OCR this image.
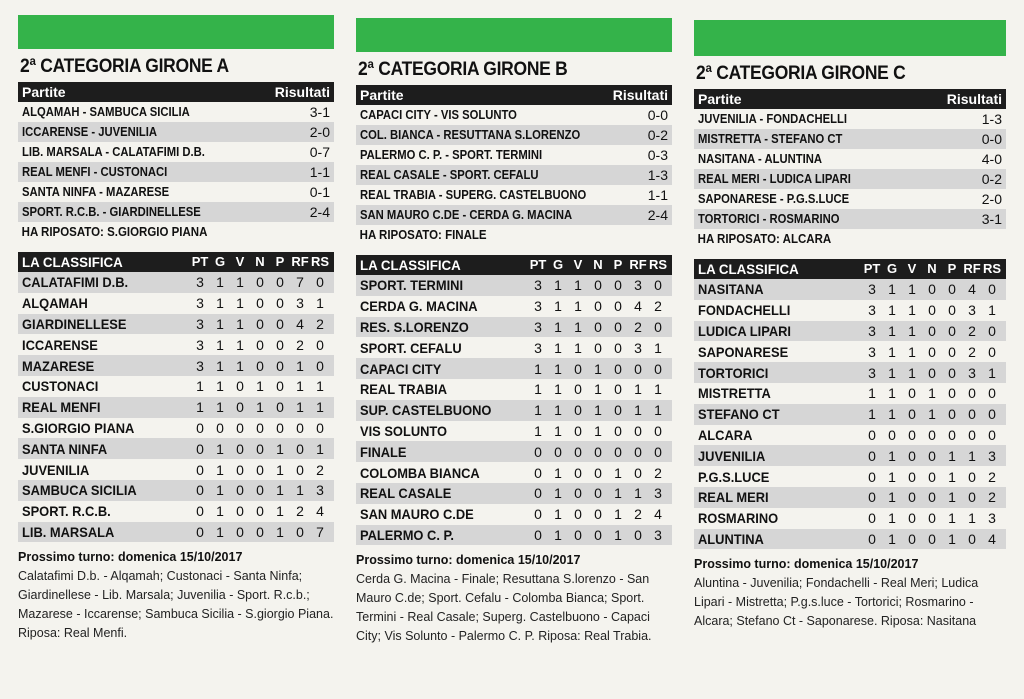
2ª CATEGORIA GIRONE A
Partite	Risultati
ALQAMAH - SAMBUCA SICILIA	3-1
ICCARENSE - JUVENILIA	2-0
LIB. MARSALA - CALATAFIMI D.B.	0-7
REAL MENFI - CUSTONACI	1-1
SANTA NINFA - MAZARESE	0-1
SPORT. R.C.B. - GIARDINELLESE	2-4
HA RIPOSATO: S.GIORGIO PIANA
LA CLASSIFICA	PT G V N P RF RS
CALATAFIMI D.B.	3 1 1 0 0 7 0
ALQAMAH	3 1 1 0 0 3 1
GIARDINELLESE	3 1 1 0 0 4 2
ICCARENSE	3 1 1 0 0 2 0
MAZARESE	3 1 1 0 0 1 0
CUSTONACI	1 1 0 1 0 1 1
REAL MENFI	1 1 0 1 0 1 1
S.GIORGIO PIANA	0 0 0 0 0 0 0
SANTA NINFA	0 1 0 0 1 0 1
JUVENILIA	0 1 0 0 1 0 2
SAMBUCA SICILIA	0 1 0 0 1 1 3
SPORT. R.C.B.	0 1 0 0 1 2 4
LIB. MARSALA	0 1 0 0 1 0 7
Prossimo turno: domenica 15/10/2017
Calatafimi D.b. - Alqamah; Custonaci - Santa Ninfa; Giardinellese - Lib. Marsala; Juvenilia - Sport. R.c.b.; Mazarese - Iccarense; Sambuca Sicilia - S.giorgio Piana. Riposa: Real Menfi.
2ª CATEGORIA GIRONE B
Partite	Risultati
CAPACI CITY - VIS SOLUNTO	0-0
COL. BIANCA - RESUTTANA S.LORENZO	0-2
PALERMO C. P. - SPORT. TERMINI	0-3
REAL CASALE - SPORT. CEFALU	1-3
REAL TRABIA - SUPERG. CASTELBUONO	1-1
SAN MAURO C.DE - CERDA G. MACINA	2-4
HA RIPOSATO: FINALE
LA CLASSIFICA	PT G V N P RF RS
SPORT. TERMINI	3 1 1 0 0 3 0
CERDA G. MACINA	3 1 1 0 0 4 2
RES. S.LORENZO	3 1 1 0 0 2 0
SPORT. CEFALU	3 1 1 0 0 3 1
CAPACI CITY	1 1 0 1 0 0 0
REAL TRABIA	1 1 0 1 0 1 1
SUP. CASTELBUONO	1 1 0 1 0 1 1
VIS SOLUNTO	1 1 0 1 0 0 0
FINALE	0 0 0 0 0 0 0
COLOMBA BIANCA	0 1 0 0 1 0 2
REAL CASALE	0 1 0 0 1 1 3
SAN MAURO C.DE	0 1 0 0 1 2 4
PALERMO C. P.	0 1 0 0 1 0 3
Prossimo turno: domenica 15/10/2017
Cerda G. Macina - Finale; Resuttana S.lorenzo - San Mauro C.de; Sport. Cefalu - Colomba Bianca; Sport. Termini - Real Casale; Superg. Castelbuono - Capaci City; Vis Solunto - Palermo C. P. Riposa: Real Trabia.
2ª CATEGORIA GIRONE C
Partite	Risultati
JUVENILIA - FONDACHELLI	1-3
MISTRETTA - STEFANO CT	0-0
NASITANA - ALUNTINA	4-0
REAL MERI - LUDICA LIPARI	0-2
SAPONARESE - P.G.S.LUCE	2-0
TORTORICI - ROSMARINO	3-1
HA RIPOSATO: ALCARA
LA CLASSIFICA	PT G V N P RF RS
NASITANA	3 1 1 0 0 4 0
FONDACHELLI	3 1 1 0 0 3 1
LUDICA LIPARI	3 1 1 0 0 2 0
SAPONARESE	3 1 1 0 0 2 0
TORTORICI	3 1 1 0 0 3 1
MISTRETTA	1 1 0 1 0 0 0
STEFANO CT	1 1 0 1 0 0 0
ALCARA	0 0 0 0 0 0 0
JUVENILIA	0 1 0 0 1 1 3
P.G.S.LUCE	0 1 0 0 1 0 2
REAL MERI	0 1 0 0 1 0 2
ROSMARINO	0 1 0 0 1 1 3
ALUNTINA	0 1 0 0 1 0 4
Prossimo turno: domenica 15/10/2017
Aluntina - Juvenilia; Fondachelli - Real Meri; Ludica Lipari - Mistretta; P.g.s.luce - Tortorici; Rosmarino - Alcara; Stefano Ct - Saponarese. Riposa: Nasitana
